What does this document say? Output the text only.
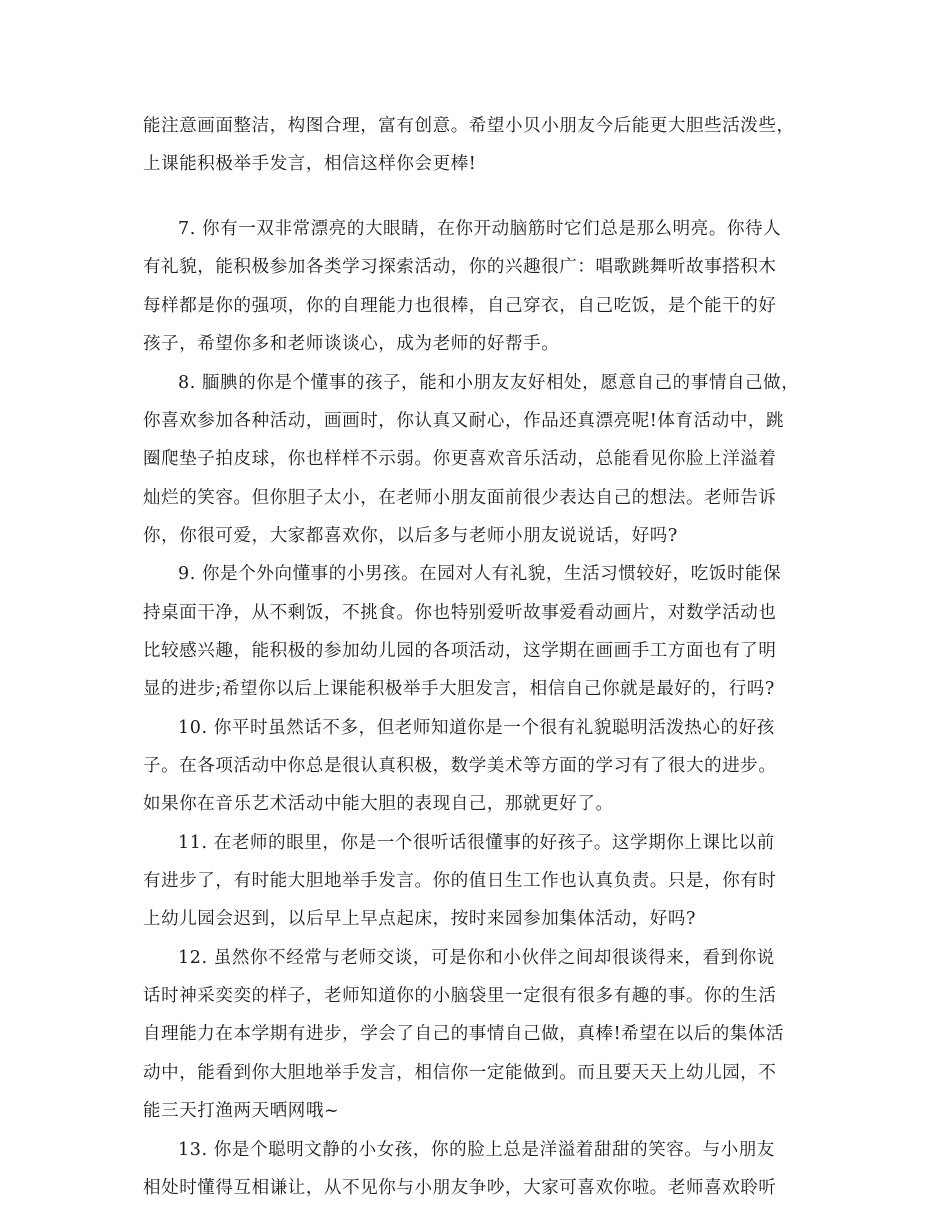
能注意画面整洁，构图合理，富有创意。希望小贝小朋友今后能更大胆些活泼些，
上课能积极举手发言，相信这样你会更棒!
7. 你有一双非常漂亮的大眼睛，在你开动脑筋时它们总是那么明亮。你待人
有礼貌，能积极参加各类学习探索活动，你的兴趣很广：唱歌跳舞听故事搭积木
每样都是你的强项，你的自理能力也很棒，自己穿衣，自己吃饭，是个能干的好
孩子，希望你多和老师谈谈心，成为老师的好帮手。
8. 腼腆的你是个懂事的孩子，能和小朋友友好相处，愿意自己的事情自己做，
你喜欢参加各种活动，画画时，你认真又耐心，作品还真漂亮呢!体育活动中，跳
圈爬垫子拍皮球，你也样样不示弱。你更喜欢音乐活动，总能看见你脸上洋溢着
灿烂的笑容。但你胆子太小，在老师小朋友面前很少表达自己的想法。老师告诉
你，你很可爱，大家都喜欢你，以后多与老师小朋友说说话，好吗?
9. 你是个外向懂事的小男孩。在园对人有礼貌，生活习惯较好，吃饭时能保
持桌面干净，从不剩饭，不挑食。你也特别爱听故事爱看动画片，对数学活动也
比较感兴趣，能积极的参加幼儿园的各项活动，这学期在画画手工方面也有了明
显的进步;希望你以后上课能积极举手大胆发言，相信自己你就是最好的，行吗?
10. 你平时虽然话不多，但老师知道你是一个很有礼貌聪明活泼热心的好孩
子。在各项活动中你总是很认真积极，数学美术等方面的学习有了很大的进步。
如果你在音乐艺术活动中能大胆的表现自己，那就更好了。
11. 在老师的眼里，你是一个很听话很懂事的好孩子。这学期你上课比以前
有进步了，有时能大胆地举手发言。你的值日生工作也认真负责。只是，你有时
上幼儿园会迟到，以后早上早点起床，按时来园参加集体活动，好吗?
12. 虽然你不经常与老师交谈，可是你和小伙伴之间却很谈得来，看到你说
话时神采奕奕的样子，老师知道你的小脑袋里一定很有很多有趣的事。你的生活
自理能力在本学期有进步，学会了自己的事情自己做，真棒!希望在以后的集体活
动中，能看到你大胆地举手发言，相信你一定能做到。而且要天天上幼儿园，不
能三天打渔两天晒网哦~
13. 你是个聪明文静的小女孩，你的脸上总是洋溢着甜甜的笑容。与小朋友
相处时懂得互相谦让，从不见你与小朋友争吵，大家可喜欢你啦。老师喜欢聆听
